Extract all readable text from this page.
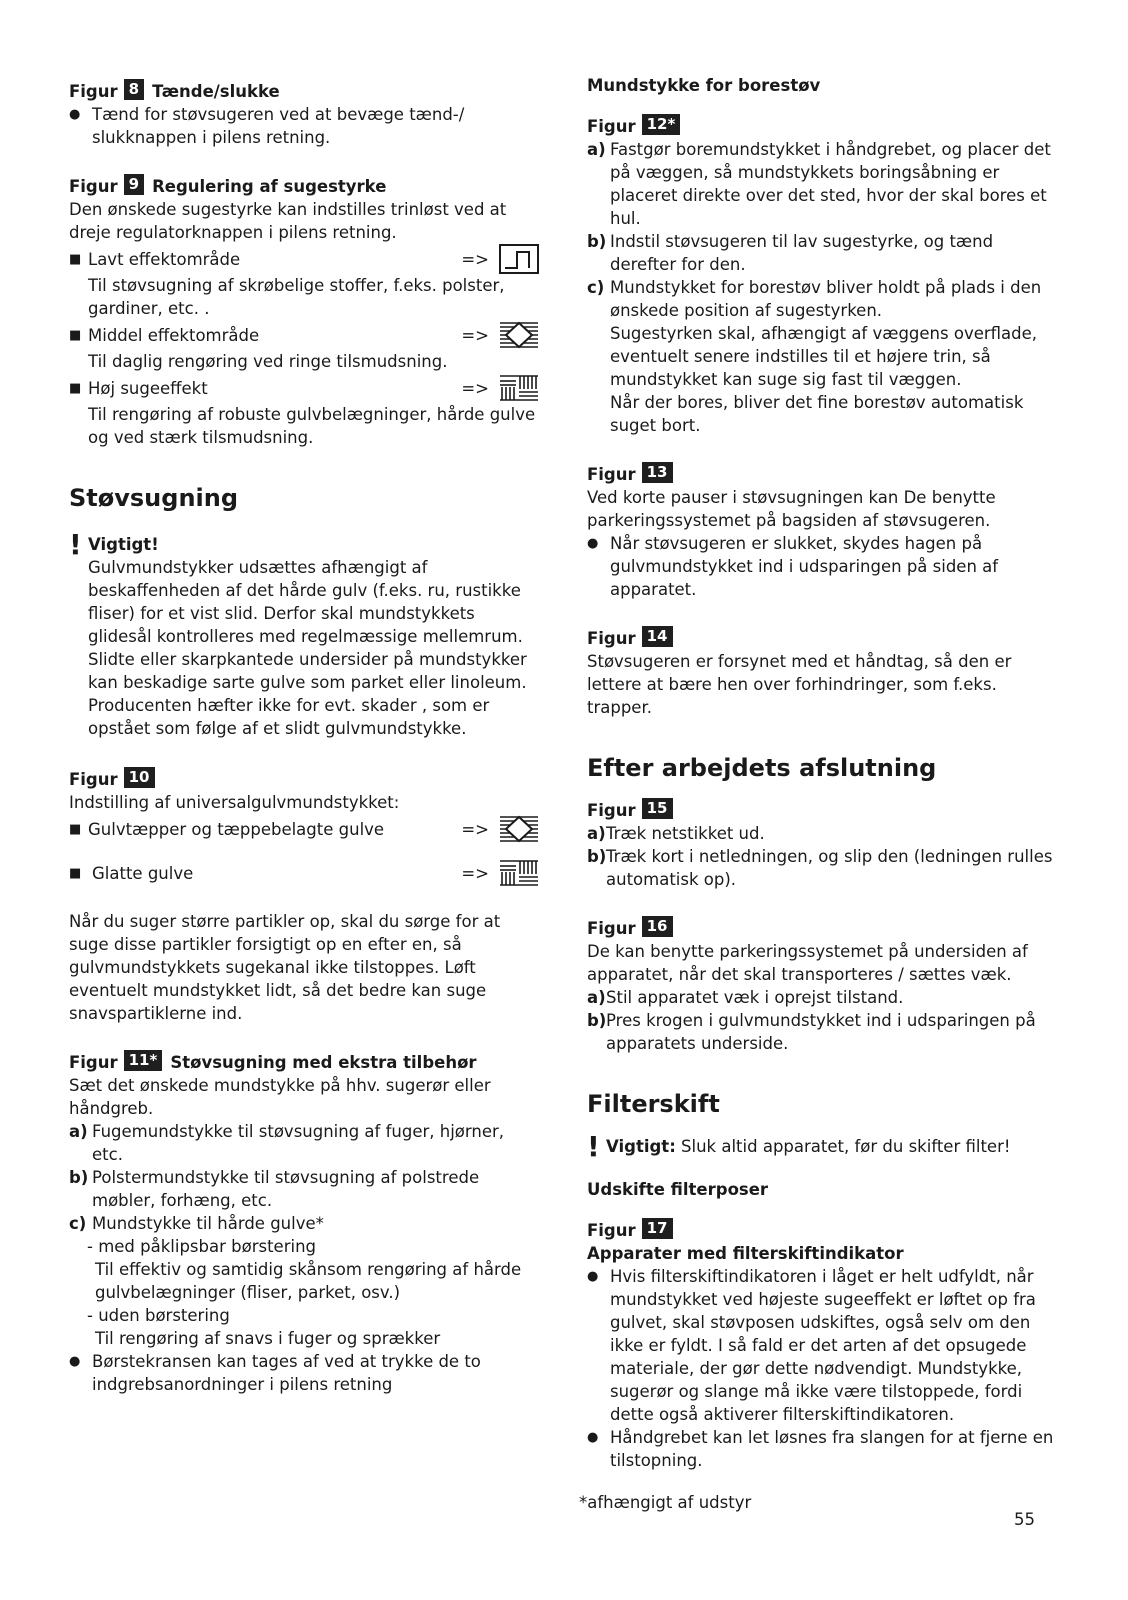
Figur 8 Tænde/slukke

● Tænd for støvsugeren ved at bevæge tænd-/ slukknappen i pilens retning.

Figur 9 Regulering af sugestyrke

Den ønskede sugestyrke kan indstilles trinløst ved at dreje regulatorknappen i pilens retning.

■ Lavt effektområde	=>

Til støvsugning af skrøbelige stoffer, f.eks. polster, gardiner, etc. .

■ Middel effektområde	=>

Til daglig rengøring ved ringe tilsmudsning.

■ Høj sugeeffekt	=>

Til rengøring af robuste gulvbelægninger, hårde gulve og ved stærk tilsmudsning.

Støvsugning
! Vigtigt!

Gulvmundstykker udsættes afhængigt af beskaffenheden af det hårde gulv (f.eks. ru, rustikke fliser) for et vist slid. Derfor skal mundstykkets glidesål kontrolleres med regelmæssige mellemrum. Slidte eller skarpkantede undersider på mundstykker kan beskadige sarte gulve som parket eller linoleum. Producenten hæfter ikke for evt. skader , som er opstået som følge af et slidt gulvmundstykke.

Figur 10

Indstilling af universalgulvmundstykket:

■ Gulvtæpper og tæppebelagte gulve	=>
■ Glatte gulve	=>

Når du suger større partikler op, skal du sørge for at suge disse partikler forsigtigt op en efter en, så gulvmundstykkets sugekanal ikke tilstoppes. Løft eventuelt mundstykket lidt, så det bedre kan suge snavspartiklerne ind.

Figur 11* Støvsugning med ekstra tilbehør

Sæt det ønskede mundstykke på hhv. sugerør eller håndgreb.

a) Fugemundstykke til støvsugning af fuger, hjørner, etc.

b) Polstermundstykke til støvsugning af polstrede møbler, forhæng, etc.

c) Mundstykke til hårde gulve*

- med påklipsbar børstering

Til effektiv og samtidig skånsom rengøring af hårde gulvbelægninger (fliser, parket, osv.)

- uden børstering

Til rengøring af snavs i fuger og sprækker

● Børstekransen kan tages af ved at trykke de to indgrebsanordninger i pilens retning

Mundstykke for borestøv

Figur 12*

a) Fastgør boremundstykket i håndgrebet, og placer det på væggen, så mundstykkets boringsåbning er placeret direkte over det sted, hvor der skal bores et hul.

b) Indstil støvsugeren til lav sugestyrke, og tænd derefter for den.

c) Mundstykket for borestøv bliver holdt på plads i den ønskede position af sugestyrken.

Sugestyrken skal, afhængigt af væggens overflade, eventuelt senere indstilles til et højere trin, så mundstykket kan suge sig fast til væggen.

Når der bores, bliver det fine borestøv automatisk suget bort.

Figur 13

Ved korte pauser i støvsugningen kan De benytte parkeringssystemet på bagsiden af støvsugeren.

● Når støvsugeren er slukket, skydes hagen på gulvmundstykket ind i udsparingen på siden af apparatet.

Figur 14

Støvsugeren er forsynet med et håndtag, så den er lettere at bære hen over forhindringer, som f.eks. trapper.

Efter arbejdets afslutning
Figur 15

a) Træk netstikket ud.

b) Træk kort i netledningen, og slip den (ledningen rulles automatisk op).

Figur 16

De kan benytte parkeringssystemet på undersiden af apparatet, når det skal transporteres / sættes væk.

a) Stil apparatet væk i oprejst tilstand.

b) Pres krogen i gulvmundstykket ind i udsparingen på apparatets underside.

Filterskift
! Vigtigt: Sluk altid apparatet, før du skifter filter!

Udskifte filterposer

Figur 17

Apparater med filterskiftindikator

● Hvis filterskiftindikatoren i låget er helt udfyldt, når mundstykket ved højeste sugeeffekt er løftet op fra gulvet, skal støvposen udskiftes, også selv om den ikke er fyldt. I så fald er det arten af det opsugede materiale, der gør dette nødvendigt. Mundstykke, sugerør og slange må ikke være tilstoppede, fordi dette også aktiverer filterskiftindikatoren.

● Håndgrebet kan let løsnes fra slangen for at fjerne en tilstopning.

*afhængigt af udstyr
55
